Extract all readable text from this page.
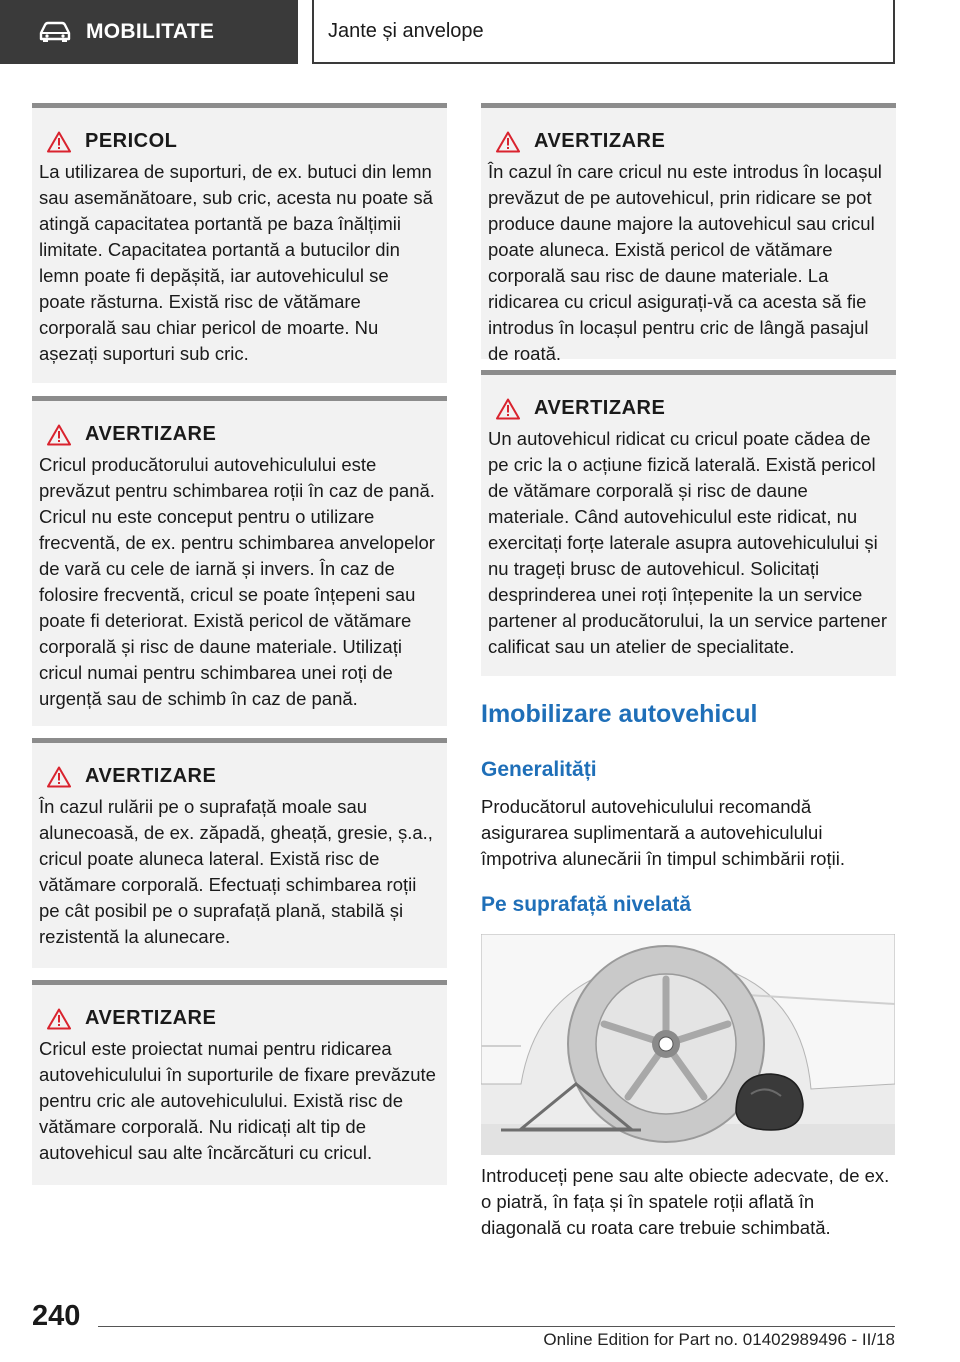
MOBILITATE	Jante și anvelope
PERICOL
La utilizarea de suporturi, de ex. butuci din lemn sau asemănătoare, sub cric, acesta nu poate să atingă capacitatea portantă pe baza înălțimii limitate. Capacitatea portantă a butucilor din lemn poate fi depășită, iar autovehiculul se poate răsturna. Există risc de vătămare corporală sau chiar pericol de moarte. Nu așezați suporturi sub cric.
AVERTIZARE
Cricul producătorului autovehiculului este prevăzut pentru schimbarea roții în caz de pană. Cricul nu este conceput pentru o utilizare frecventă, de ex. pentru schimbarea anvelopelor de vară cu cele de iarnă și invers. În caz de folosire frecventă, cricul se poate înțepeni sau poate fi deteriorat. Există pericol de vătămare corporală și risc de daune materiale. Utilizați cricul numai pentru schimbarea unei roți de urgență sau de schimb în caz de pană.
AVERTIZARE
În cazul rulării pe o suprafață moale sau alunecoasă, de ex. zăpadă, gheață, gresie, ș.a., cricul poate aluneca lateral. Există risc de vătămare corporală. Efectuați schimbarea roții pe cât posibil pe o suprafață plană, stabilă și rezistentă la alunecare.
AVERTIZARE
Cricul este proiectat numai pentru ridicarea autovehiculului în suporturile de fixare prevăzute pentru cric ale autovehiculului. Există risc de vătămare corporală. Nu ridicați alt tip de autovehicul sau alte încărcături cu cricul.
AVERTIZARE
În cazul în care cricul nu este introdus în locașul prevăzut de pe autovehicul, prin ridicare se pot produce daune majore la autovehicul sau cricul poate aluneca. Există pericol de vătămare corporală sau risc de daune materiale. La ridicarea cu cricul asigurați-vă ca acesta să fie introdus în locașul pentru cric de lângă pasajul de roată.
AVERTIZARE
Un autovehicul ridicat cu cricul poate cădea de pe cric la o acțiune fizică laterală. Există pericol de vătămare corporală și risc de daune materiale. Când autovehiculul este ridicat, nu exercitați forțe laterale asupra autovehiculului și nu trageți brusc de autovehicul. Solicitați desprinderea unei roți înțepenite la un service partener al producătorului, la un service partener calificat sau un atelier de specialitate.
Imobilizare autovehicul
Generalități
Producătorul autovehiculului recomandă asigurarea suplimentară a autovehiculului împotriva alunecării în timpul schimbării roții.
Pe suprafață nivelată
Introduceți pene sau alte obiecte adecvate, de ex. o piatră, în fața și în spatele roții aflată în diagonală cu roata care trebuie schimbată.
240
Online Edition for Part no. 01402989496 - II/18
